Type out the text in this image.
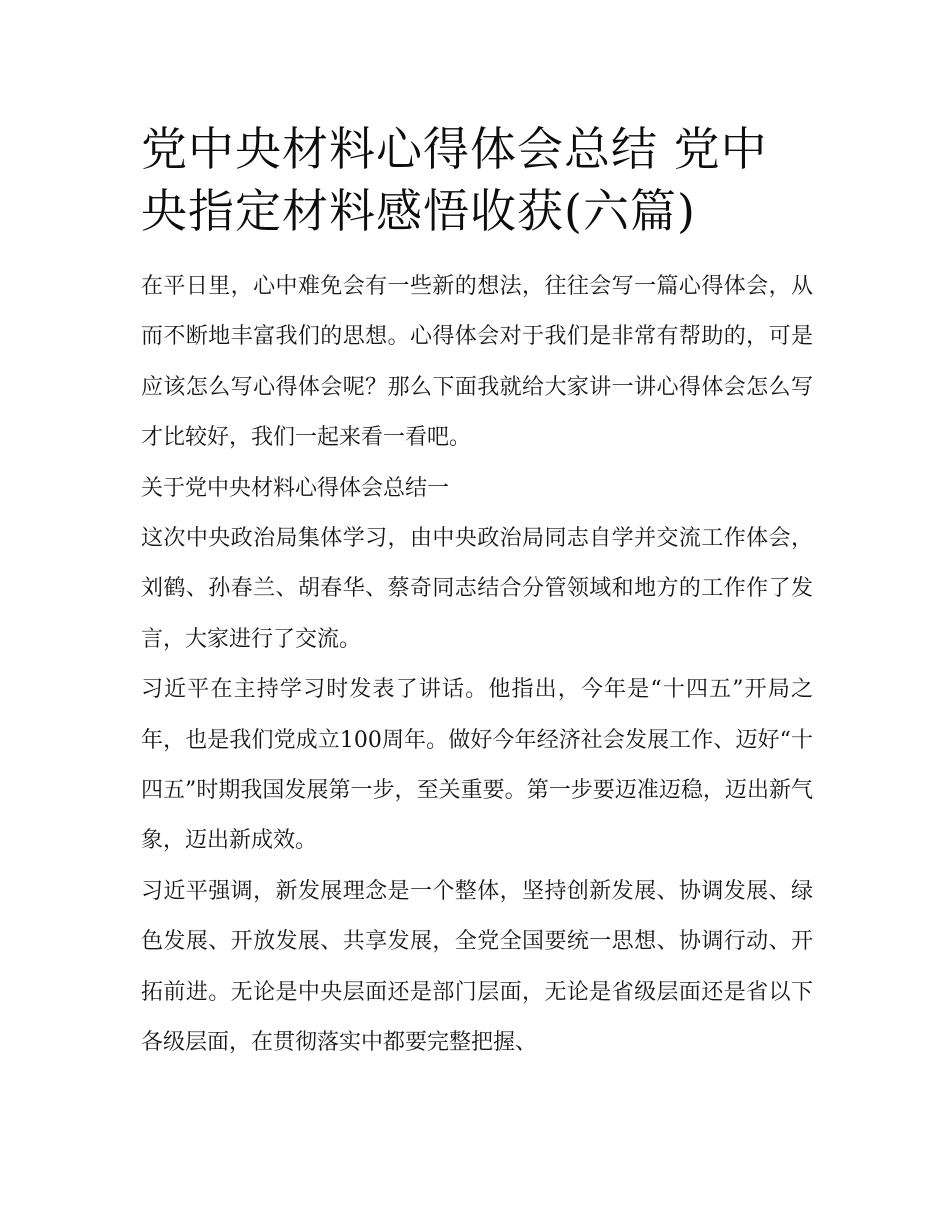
党中央材料心得体会总结 党中央指定材料感悟收获(六篇)

在平日里，心中难免会有一些新的想法，往往会写一篇心得体会，从而不断地丰富我们的思想。心得体会对于我们是非常有帮助的，可是应该怎么写心得体会呢？那么下面我就给大家讲一讲心得体会怎么写才比较好，我们一起来看一看吧。

关于党中央材料心得体会总结一

这次中央政治局集体学习，由中央政治局同志自学并交流工作体会，刘鹤、孙春兰、胡春华、蔡奇同志结合分管领域和地方的工作作了发言，大家进行了交流。

习近平在主持学习时发表了讲话。他指出，今年是“十四五”开局之年，也是我们党成立100周年。做好今年经济社会发展工作、迈好“十四五”时期我国发展第一步，至关重要。第一步要迈准迈稳，迈出新气象，迈出新成效。

习近平强调，新发展理念是一个整体，坚持创新发展、协调发展、绿色发展、开放发展、共享发展，全党全国要统一思想、协调行动、开拓前进。无论是中央层面还是部门层面，无论是省级层面还是省以下各级层面，在贯彻落实中都要完整把握、
